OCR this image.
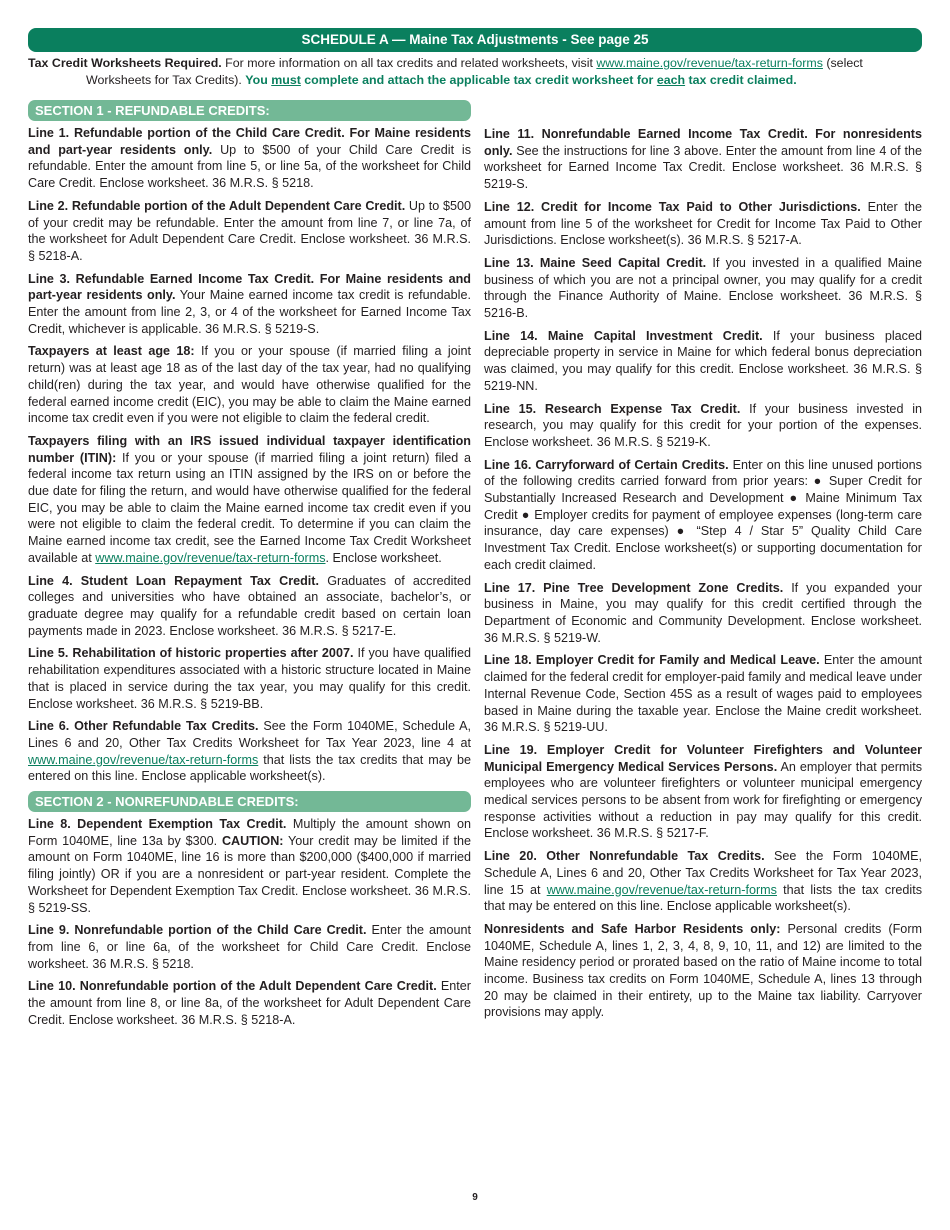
SCHEDULE A — Maine Tax Adjustments - See page 25
Tax Credit Worksheets Required. For more information on all tax credits and related worksheets, visit www.maine.gov/revenue/tax-return-forms (select
Worksheets for Tax Credits). You must complete and attach the applicable tax credit worksheet for each tax credit claimed.
SECTION 1 - REFUNDABLE CREDITS:

Line 1. Refundable portion of the Child Care Credit. For Maine residents and part-year residents only. Up to $500 of your Child Care Credit is refundable. Enter the amount from line 5, or line 5a, of the worksheet for Child Care Credit. Enclose worksheet. 36 M.R.S. § 5218.

Line 2. Refundable portion of the Adult Dependent Care Credit. Up to $500 of your credit may be refundable. Enter the amount from line 7, or line 7a, of the worksheet for Adult Dependent Care Credit. Enclose worksheet. 36 M.R.S. § 5218-A.

Line 3. Refundable Earned Income Tax Credit. For Maine residents and part-year residents only. Your Maine earned income tax credit is refundable. Enter the amount from line 2, 3, or 4 of the worksheet for Earned Income Tax Credit, whichever is applicable. 36 M.R.S. § 5219-S.

Taxpayers at least age 18: If you or your spouse (if married filing a joint return) was at least age 18 as of the last day of the tax year, had no qualifying child(ren) during the tax year, and would have otherwise qualified for the federal earned income credit (EIC), you may be able to claim the Maine earned income tax credit even if you were not eligible to claim the federal credit.

Taxpayers filing with an IRS issued individual taxpayer identification number (ITIN): If you or your spouse (if married filing a joint return) filed a federal income tax return using an ITIN assigned by the IRS on or before the due date for filing the return, and would have otherwise qualified for the federal EIC, you may be able to claim the Maine earned income tax credit even if you were not eligible to claim the federal credit. To determine if you can claim the Maine earned income tax credit, see the Earned Income Tax Credit Worksheet available at www.maine.gov/revenue/tax-return-forms. Enclose worksheet.

Line 4. Student Loan Repayment Tax Credit. Graduates of accredited colleges and universities who have obtained an associate, bachelor’s, or graduate degree may qualify for a refundable credit based on certain loan payments made in 2023. Enclose worksheet. 36 M.R.S. § 5217-E.

Line 5. Rehabilitation of historic properties after 2007. If you have qualified rehabilitation expenditures associated with a historic structure located in Maine that is placed in service during the tax year, you may qualify for this credit. Enclose worksheet. 36 M.R.S. § 5219-BB.

Line 6. Other Refundable Tax Credits. See the Form 1040ME, Schedule A, Lines 6 and 20, Other Tax Credits Worksheet for Tax Year 2023, line 4 at www.maine.gov/revenue/tax-return-forms that lists the tax credits that may be entered on this line. Enclose applicable worksheet(s).

SECTION 2 - NONREFUNDABLE CREDITS:

Line 8. Dependent Exemption Tax Credit. Multiply the amount shown on Form 1040ME, line 13a by $300. CAUTION: Your credit may be limited if the amount on Form 1040ME, line 16 is more than $200,000 ($400,000 if married filing jointly) OR if you are a nonresident or part-year resident. Complete the Worksheet for Dependent Exemption Tax Credit. Enclose worksheet. 36 M.R.S. § 5219-SS.

Line 9. Nonrefundable portion of the Child Care Credit. Enter the amount from line 6, or line 6a, of the worksheet for Child Care Credit. Enclose worksheet. 36 M.R.S. § 5218.

Line 10. Nonrefundable portion of the Adult Dependent Care Credit. Enter the amount from line 8, or line 8a, of the worksheet for Adult Dependent Care Credit. Enclose worksheet. 36 M.R.S. § 5218-A.

Line 11. Nonrefundable Earned Income Tax Credit. For nonresidents only. See the instructions for line 3 above. Enter the amount from line 4 of the worksheet for Earned Income Tax Credit. Enclose worksheet. 36 M.R.S. § 5219-S.

Line 12. Credit for Income Tax Paid to Other Jurisdictions. Enter the amount from line 5 of the worksheet for Credit for Income Tax Paid to Other Jurisdictions. Enclose worksheet(s). 36 M.R.S. § 5217-A.

Line 13. Maine Seed Capital Credit. If you invested in a qualified Maine business of which you are not a principal owner, you may qualify for a credit through the Finance Authority of Maine. Enclose worksheet. 36 M.R.S. § 5216-B.

Line 14. Maine Capital Investment Credit. If your business placed depreciable property in service in Maine for which federal bonus depreciation was claimed, you may qualify for this credit. Enclose worksheet. 36 M.R.S. § 5219-NN.

Line 15. Research Expense Tax Credit. If your business invested in research, you may qualify for this credit for your portion of the expenses. Enclose worksheet. 36 M.R.S. § 5219-K.

Line 16. Carryforward of Certain Credits. Enter on this line unused portions of the following credits carried forward from prior years: ● Super Credit for Substantially Increased Research and Development ● Maine Minimum Tax Credit ● Employer credits for payment of employee expenses (long-term care insurance, day care expenses) ● “Step 4 / Star 5” Quality Child Care Investment Tax Credit. Enclose worksheet(s) or supporting documentation for each credit claimed.

Line 17. Pine Tree Development Zone Credits. If you expanded your business in Maine, you may qualify for this credit certified through the Department of Economic and Community Development. Enclose worksheet. 36 M.R.S. § 5219-W.

Line 18. Employer Credit for Family and Medical Leave. Enter the amount claimed for the federal credit for employer-paid family and medical leave under Internal Revenue Code, Section 45S as a result of wages paid to employees based in Maine during the taxable year. Enclose the Maine credit worksheet. 36 M.R.S. § 5219-UU.

Line 19. Employer Credit for Volunteer Firefighters and Volunteer Municipal Emergency Medical Services Persons. An employer that permits employees who are volunteer firefighters or volunteer municipal emergency medical services persons to be absent from work for firefighting or emergency response activities without a reduction in pay may qualify for this credit. Enclose worksheet. 36 M.R.S. § 5217-F.

Line 20. Other Nonrefundable Tax Credits. See the Form 1040ME, Schedule A, Lines 6 and 20, Other Tax Credits Worksheet for Tax Year 2023, line 15 at www.maine.gov/revenue/tax-return-forms that lists the tax credits that may be entered on this line. Enclose applicable worksheet(s).

Nonresidents and Safe Harbor Residents only: Personal credits (Form 1040ME, Schedule A, lines 1, 2, 3, 4, 8, 9, 10, 11, and 12) are limited to the Maine residency period or prorated based on the ratio of Maine income to total income. Business tax credits on Form 1040ME, Schedule A, lines 13 through 20 may be claimed in their entirety, up to the Maine tax liability. Carryover provisions may apply.

9
